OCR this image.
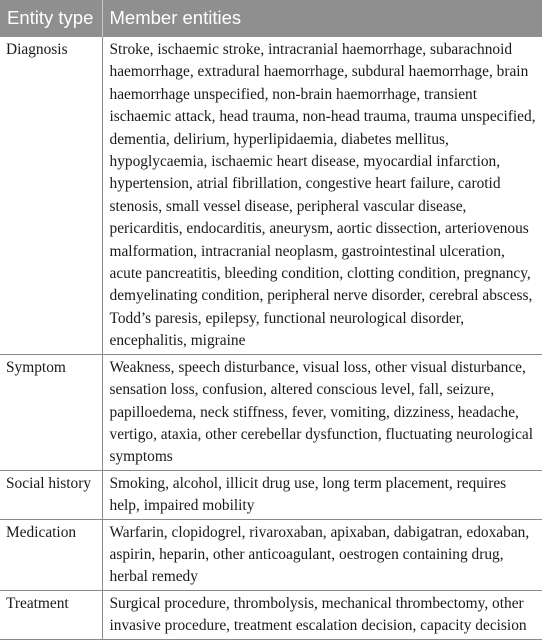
Entity type	Member entities
Diagnosis	Stroke, ischaemic stroke, intracranial haemorrhage, subarachnoid haemorrhage, extradural haemorrhage, subdural haemorrhage, brain haemorrhage unspecified, non-brain haemorrhage, transient ischaemic attack, head trauma, non-head trauma, trauma unspecified, dementia, delirium, hyperlipidaemia, diabetes mellitus, hypoglycaemia, ischaemic heart disease, myocardial infarction, hypertension, atrial fibrillation, congestive heart failure, carotid stenosis, small vessel disease, peripheral vascular disease, pericarditis, endocarditis, aneurysm, aortic dissection, arteriovenous malformation, intracranial neoplasm, gastrointestinal ulceration, acute pancreatitis, bleeding condition, clotting condition, pregnancy, demyelinating condition, peripheral nerve disorder, cerebral abscess, Todd’s paresis, epilepsy, functional neurological disorder, encephalitis, migraine
Symptom	Weakness, speech disturbance, visual loss, other visual disturbance, sensation loss, confusion, altered conscious level, fall, seizure, papilloedema, neck stiffness, fever, vomiting, dizziness, headache, vertigo, ataxia, other cerebellar dysfunction, fluctuating neurological symptoms
Social history	Smoking, alcohol, illicit drug use, long term placement, requires help, impaired mobility
Medication	Warfarin, clopidogrel, rivaroxaban, apixaban, dabigatran, edoxaban, aspirin, heparin, other anticoagulant, oestrogen containing drug, herbal remedy
Treatment	Surgical procedure, thrombolysis, mechanical thrombectomy, other invasive procedure, treatment escalation decision, capacity decision
